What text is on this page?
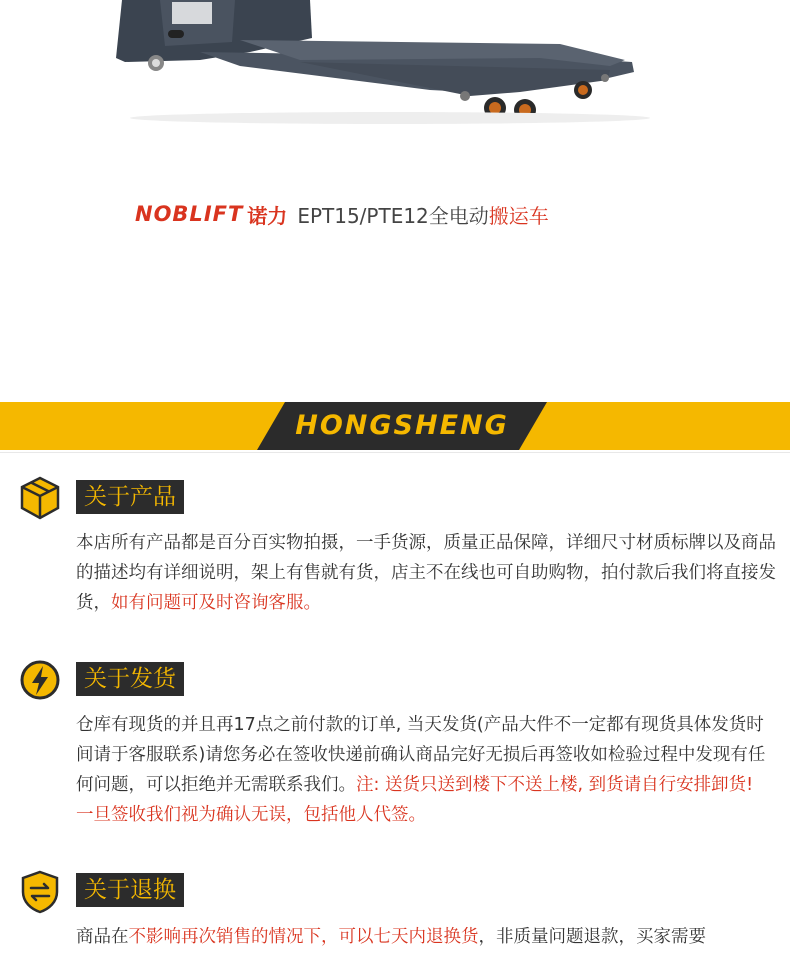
NOBLIFT 诺力 EPT15/PTE12全电动 搬运车
HONGSHENG
关于产品
本店所有产品都是百分百实物拍摄，一手货源，质量正品保障，详细尺寸材质标牌以及商品的描述均有详细说明，架上有售就有货，店主不在线也可自助购物，拍付款后我们将直接发货，如有问题可及时咨询客服。
关于发货
仓库有现货的并且再17点之前付款的订单, 当天发货(产品大件不一定都有现货具体发货时间请于客服联系)请您务必在签收快递前确认商品完好无损后再签收如检验过程中发现有任何问题，可以拒绝并无需联系我们。注: 送货只送到楼下不送上楼, 到货请自行安排卸货! 一旦签收我们视为确认无误，包括他人代签。
关于退换
商品在不影响再次销售的情况下，可以七天内退换货，非质量问题退款，买家需要
